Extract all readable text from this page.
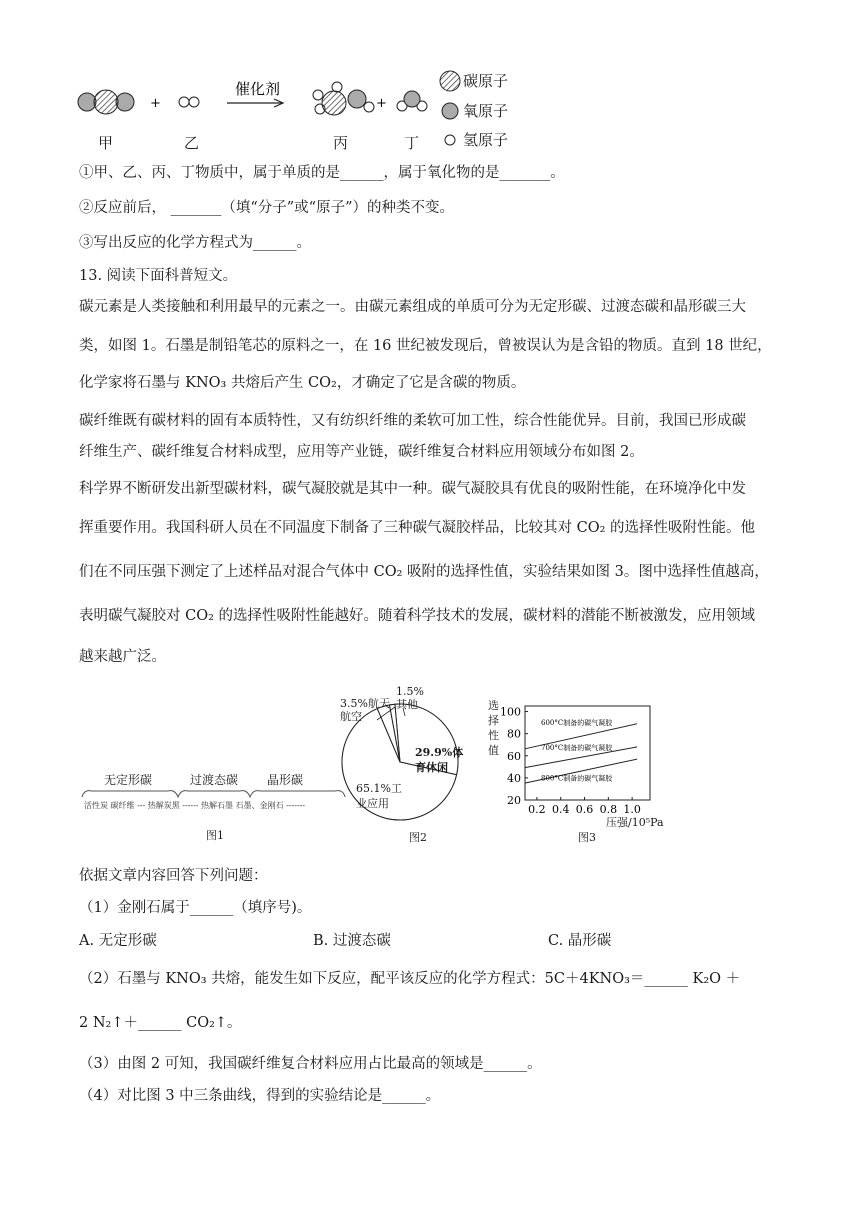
+
催化剂
+
碳原子
氧原子
氢原子
甲	乙	丙	丁
①甲、乙、丙、丁物质中，属于单质的是______，属于氧化物的是_______。
②反应前后， _______（填“分子”或“原子”）的种类不变。
③写出反应的化学方程式为______。
13. 阅读下面科普短文。
碳元素是人类接触和利用最早的元素之一。由碳元素组成的单质可分为无定形碳、过渡态碳和晶形碳三大
类，如图 1。石墨是制铅笔芯的原料之一，在 16 世纪被发现后，曾被误认为是含铅的物质。直到 18 世纪，
化学家将石墨与 KNO₃ 共熔后产生 CO₂，才确定了它是含碳的物质。
碳纤维既有碳材料的固有本质特性，又有纺织纤维的柔软可加工性，综合性能优异。目前，我国已形成碳
纤维生产、碳纤维复合材料成型，应用等产业链，碳纤维复合材料应用领域分布如图 2。
科学界不断研发出新型碳材料，碳气凝胶就是其中一种。碳气凝胶具有优良的吸附性能，在环境净化中发
挥重要作用。我国科研人员在不同温度下制备了三种碳气凝胶样品，比较其对 CO₂ 的选择性吸附性能。他
们在不同压强下测定了上述样品对混合气体中 CO₂ 吸附的选择性值，实验结果如图 3。图中选择性值越高，
表明碳气凝胶对 CO₂ 的选择性吸附性能越好。随着科学技术的发展，碳材料的潜能不断被激发，应用领域
越来越广泛。
无定形碳	过渡态碳 晶形碳
活性炭 碳纤维 --- 热解炭黑 ------ 热解石墨 石墨、金刚石 -------
图1
3.5%航天航空
1.5%其他
29.9%体育休闲
65.1%工业应用
图2
20
40
60
80
100
0.2 0.4 0.6 0.8 1.0
600°C制备的碳气凝胶
700°C制备的碳气凝胶
800°C制备的碳气凝胶
选择性值
压强/10⁵Pa
图3
依据文章内容回答下列问题：
（1）金刚石属于______（填序号)。
A. 无定形碳	B. 过渡态碳	C. 晶形碳
（2）石墨与 KNO₃ 共熔，能发生如下反应，配平该反应的化学方程式：5C＋4KNO₃＝______ K₂O ＋
2 N₂↑＋______ CO₂↑。
（3）由图 2 可知，我国碳纤维复合材料应用占比最高的领域是______。
（4）对比图 3 中三条曲线，得到的实验结论是______。
